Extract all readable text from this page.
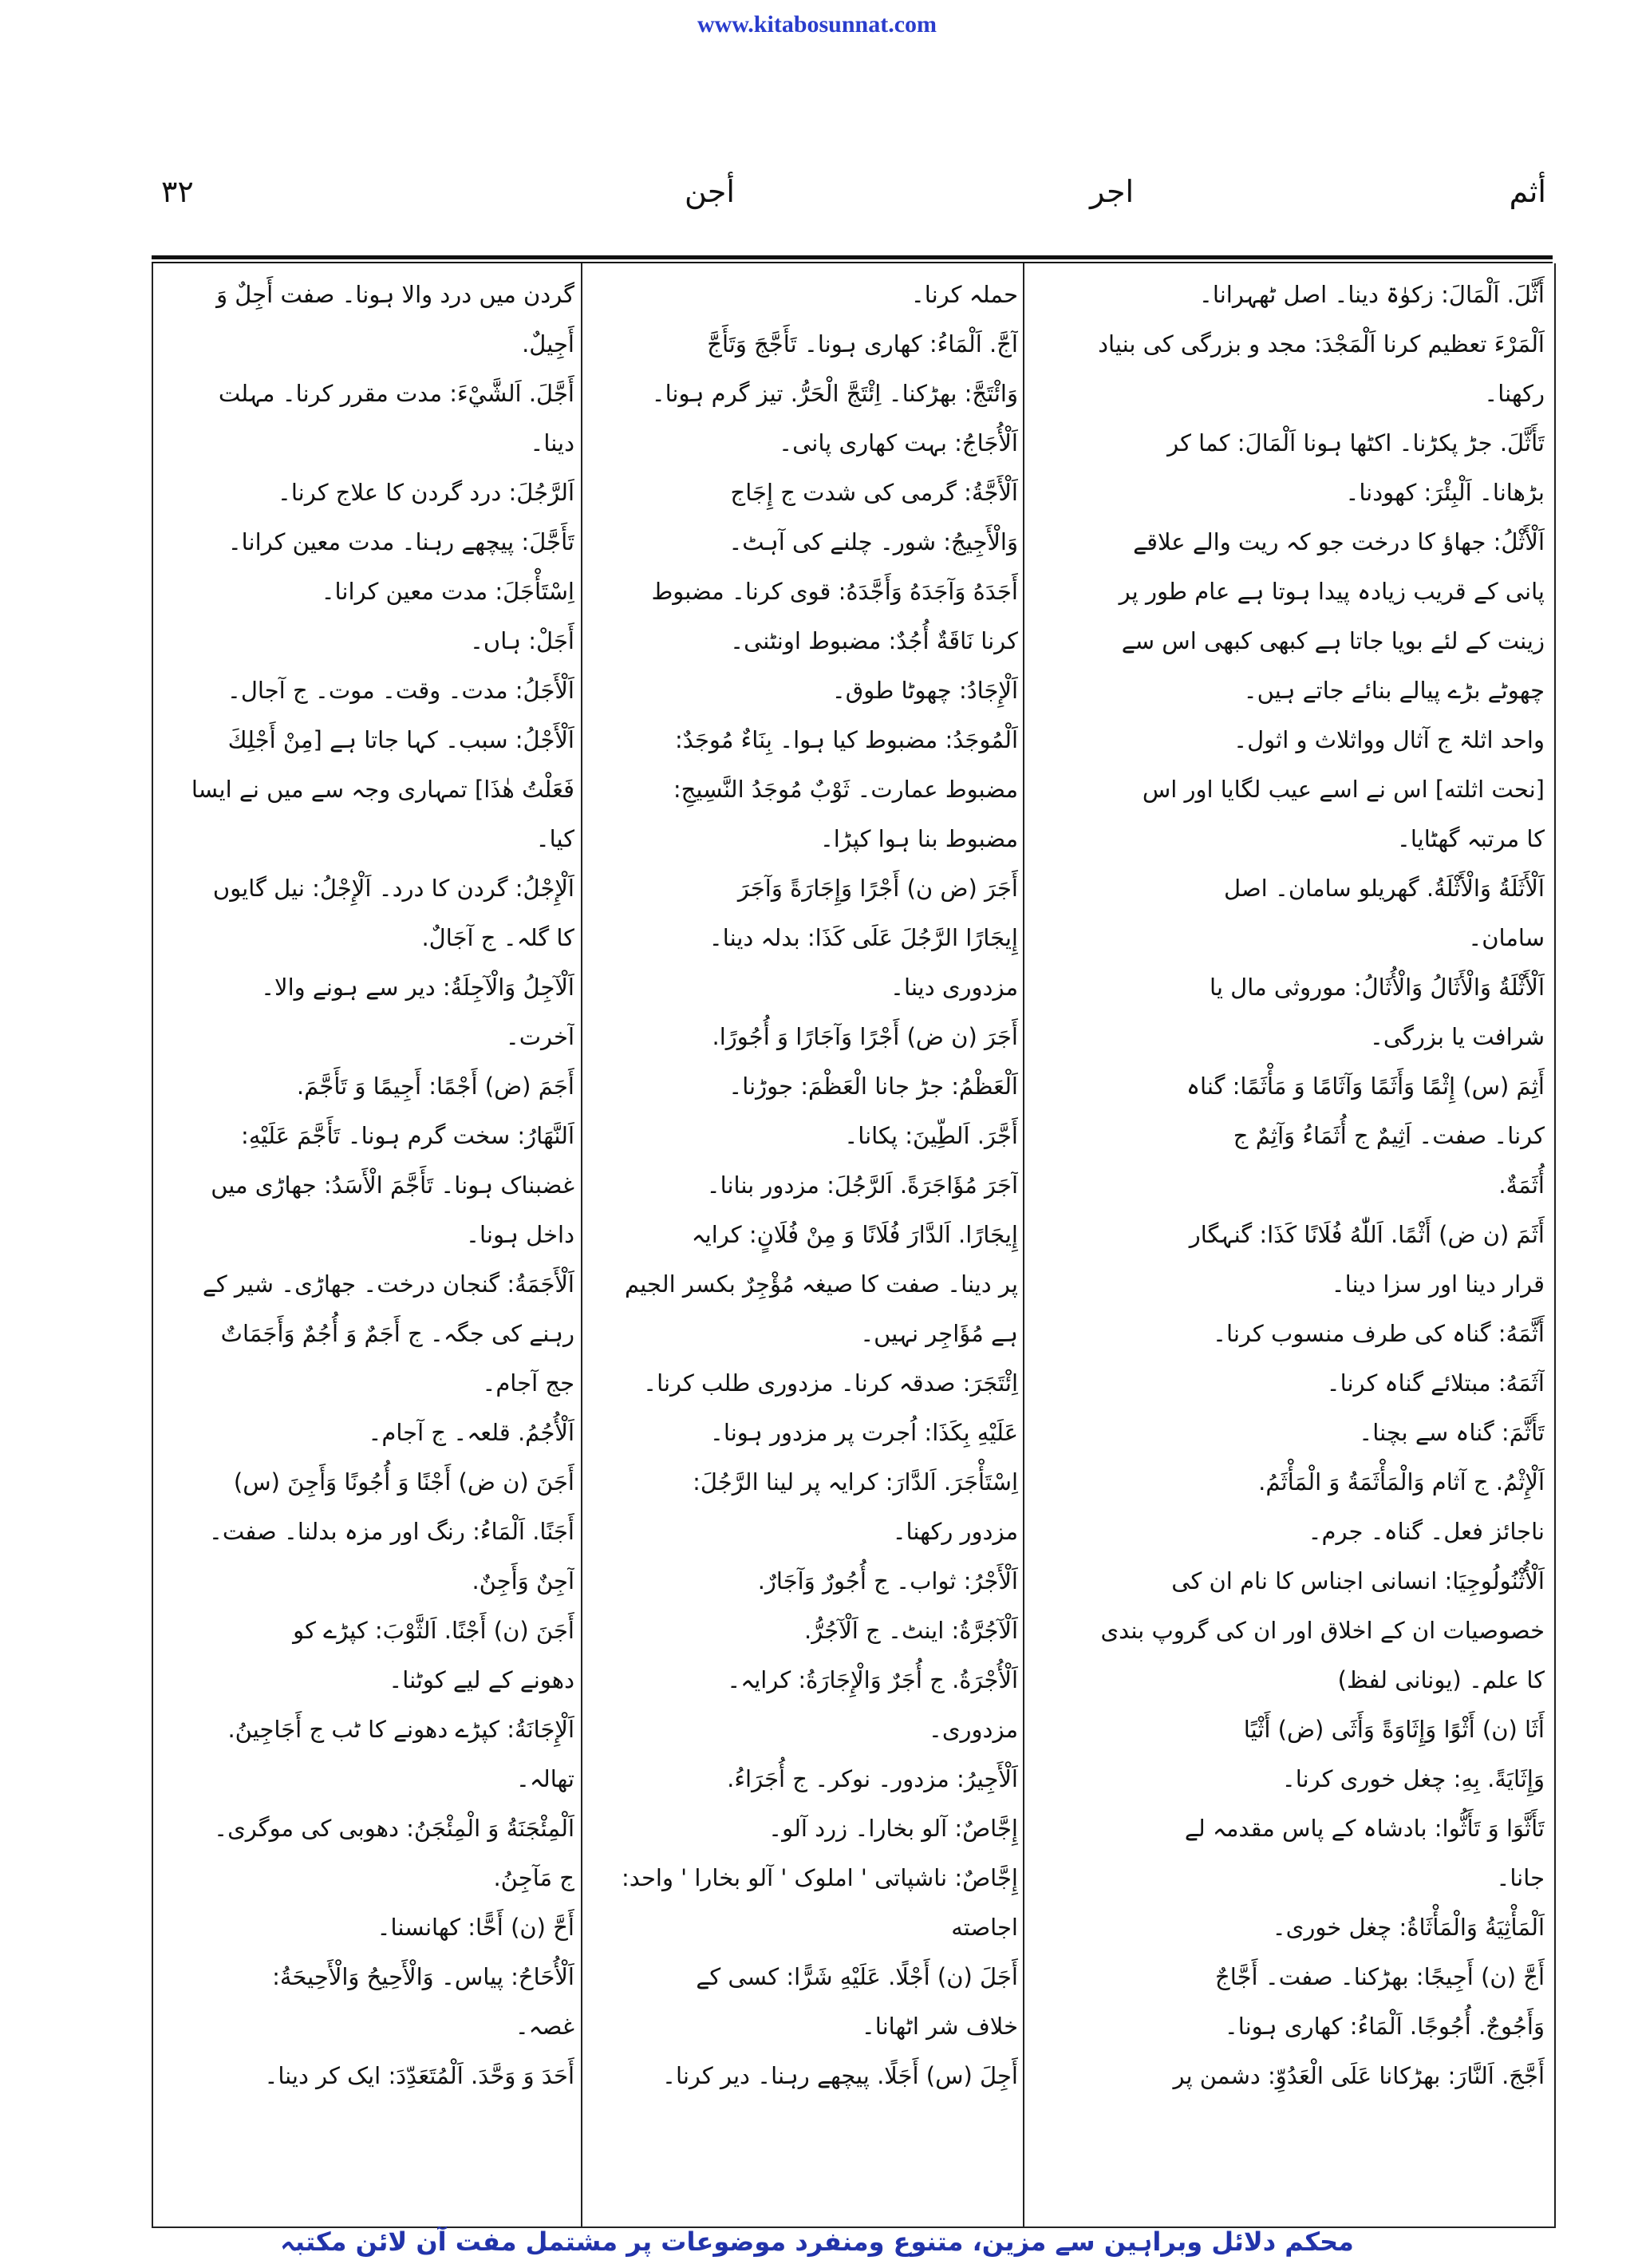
www.kitabosunnat.com
۳۲	أجن	اجر	أثم

أَثَّلَ. اَلْمَالَ: زکوٰۃ دینا۔ اصل ٹھہرانا۔

اَلْمَرْءَ تعظیم کرنا اَلْمَجْدَ: مجد و بزرگی کی بنیاد

رکھنا۔

تَأَثَّلَ. جڑ پکڑنا۔ اکٹھا ہونا اَلْمَالَ: کما کر

بڑھانا۔ اَلْبِئْرَ: کھودنا۔

اَلْأَثْلُ: جھاؤ کا درخت جو کہ ریت والے علاقے

پانی کے قریب زیادہ پیدا ہوتا ہے عام طور پر

زینت کے لئے بویا جاتا ہے کبھی کبھی اس سے

چھوٹے بڑے پیالے بنائے جاتے ہیں۔

واحد اثلۃ ج آثال وواثلاث و اثول۔

[نحت اثلته] اس نے اسے عیب لگایا اور اس

کا مرتبہ گھٹایا۔

اَلْأَثَلَةُ وَالْأَثْلَةُ. گھریلو سامان۔ اصل

سامان۔

اَلْأَثْلَةُ وَالْأَثَالُ وَالْأُثَالُ: موروثی مال یا

شرافت یا بزرگی۔

أَثِمَ (س) إِثْمًا وَأَثَمًا وَآثَامًا وَ مَأْثَمًا: گناہ

کرنا۔ صفت۔ اَثِیمٌ ج أُثَمَاءُ وَآثِمٌ ج

أُثَمَةٌ.

أَثَمَ (ن ض) أَثْمًا. اَللّٰهُ فُلَانًا كَذَا: گنہگار

قرار دینا اور سزا دینا۔

أَثَّمَهُ: گناہ کی طرف منسوب کرنا۔

آثَمَهُ: مبتلائے گناہ کرنا۔

تَأَثَّمَ: گناہ سے بچنا۔

اَلْإِثْمُ. ج آثام وَالْمَأْثَمَةُ وَ الْمَأْثَمُ.

ناجائز فعل۔ گناہ۔ جرم۔

اَلْأُثْنُولُوجِيَا: انسانی اجناس کا نام ان کی

خصوصیات ان کے اخلاق اور ان کی گروپ بندی

کا علم۔ (یونانی لفظ)

أَثَا (ن) أَثْوًا وَإِثَاوَةً وَأَثَى (ض) أَثْيًا

وَإِثَايَةً. بِهِ: چغل خوری کرنا۔

تَأَثَّوَا وَ تَأَثُّوا: بادشاہ کے پاس مقدمہ لے

جانا۔

اَلْمَأْثِيَةُ وَالْمَأْثَاةُ: چغل خوری۔

أَجَّ (ن) أَجِيجًا: بھڑکنا۔ صفت۔ أَجَّاجٌ

وَأَجُوجٌ. أُجُوجًا. اَلْمَاءُ: کھاری ہونا۔

أَجَّجَ. اَلنَّارَ: بھڑکانا عَلَى الْعَدُوِّ: دشمن پر

حملہ کرنا۔

آجَّ. اَلْمَاءُ: کھاری ہونا۔ تَأَجَّجَ وَتَأَجَّ

وَائْتَجَّ: بھڑکنا۔ اِئْتَجَّ الْحَرُّ. تیز گرم ہونا۔

اَلْأُجَاجُ: بہت کھاری پانی۔

اَلْأَجَّةُ: گرمی کی شدت ج إِجَاج

وَالْأَجِيجُ: شور۔ چلنے کی آہٹ۔

أَجَدَهُ وَآجَدَهُ وَأَجَّدَهُ: قوی کرنا۔ مضبوط

کرنا نَاقَةٌ أُجُدٌ: مضبوط اونٹنی۔

اَلْإِجَادُ: چھوٹا طوق۔

اَلْمُوجَدُ: مضبوط کیا ہوا۔ بِنَاءٌ مُوجَدٌ:

مضبوط عمارت۔ ثَوْبٌ مُوجَدُ النَّسِيجِ:

مضبوط بنا ہوا کپڑا۔

أَجَرَ (ض ن) أَجْرًا وَإِجَارَةً وَآجَرَ

إِيجَارًا الرَّجُلَ عَلَى كَذَا: بدلہ دینا۔

مزدوری دینا۔

أَجَرَ (ن ض) أَجْرًا وَآجَارًا وَ أُجُورًا.

اَلْعَظْمُ: جڑ جانا الْعَظْمَ: جوڑنا۔

أَجَّرَ. اَلطِّينَ: پکانا۔

آجَرَ مُؤَاجَرَةً. اَلرَّجُلَ: مزدور بنانا۔

إِيجَارًا. اَلدَّارَ فُلَانًا وَ مِنْ فُلَانٍ: کرایہ

پر دینا۔ صفت کا صیغہ مُؤْجِرٌ بکسر الجیم

ہے مُؤَاجِر نہیں۔

اِئْتَجَرَ: صدقہ کرنا۔ مزدوری طلب کرنا۔

عَلَيْهِ بِكَذَا: اُجرت پر مزدور ہونا۔

اِسْتَأْجَرَ. اَلدَّارَ: کرایہ پر لینا الرَّجُلَ:

مزدور رکھنا۔

اَلْأَجْرُ: ثواب۔ ج أُجُورٌ وَآجَارٌ.

اَلْآجُرَّةُ: اینٹ۔ ج اَلْآجُرُّ.

اَلْأُجْرَةُ. ج أُجَرٌ وَالْإِجَارَةُ: کرایہ۔

مزدوری۔

اَلْأَجِيرُ: مزدور۔ نوکر۔ ج أُجَرَاءُ.

إِجَّاصٌ: آلو بخارا۔ زرد آلو۔

إِجَّاصٌ: ناشپاتی ' املوک ' آلو بخارا ' واحد:

اجاصته

أَجَلَ (ن) أَجْلًا. عَلَيْهِ شَرًّا: کسی کے

خلاف شر اٹھانا۔

أَجِلَ (س) أَجَلًا. پیچھے رہنا۔ دیر کرنا۔

گردن میں درد والا ہونا۔ صفت أَجِلٌ وَ

أَجِيلٌ.

أَجَّلَ. اَلشَّيْءَ: مدت مقرر کرنا۔ مہلت

دینا۔

اَلرَّجُلَ: درد گردن کا علاج کرنا۔

تَأَجَّلَ: پیچھے رہنا۔ مدت معین کرانا۔

اِسْتَأْجَلَ: مدت معین کرانا۔

أَجَلْ: ہاں۔

اَلْأَجَلُ: مدت۔ وقت۔ موت۔ ج آجال۔

اَلْأَجْلُ: سبب۔ کہا جاتا ہے [مِنْ أَجْلِكَ

فَعَلْتُ هٰذَا] تمہاری وجہ سے میں نے ایسا

کیا۔

اَلْإِجْلُ: گردن کا درد۔ اَلْإِجْلُ: نیل گایوں

کا گلہ۔ ج آجَالٌ.

اَلْآجِلُ وَالْآجِلَةُ: دیر سے ہونے والا۔

آخرت۔

أَجَمَ (ض) أَجْمًا: أَجِيمًا وَ تَأَجَّمَ.

اَلنَّهَارُ: سخت گرم ہونا۔ تَأَجَّمَ عَلَيْهِ:

غضبناک ہونا۔ تَأَجَّمَ الْأَسَدُ: جھاڑی میں

داخل ہونا۔

اَلْأَجَمَةُ: گنجان درخت۔ جھاڑی۔ شیر کے

رہنے کی جگہ۔ ج أَجَمٌ وَ أُجُمٌ وَأَجَمَاتٌ

جج آجام۔

اَلْأُجُمُ. قلعہ۔ ج آجام۔

أَجَنَ (ن ض) أَجْنًا وَ أُجُونًا وَأَجِنَ (س)

أَجَنًا. اَلْمَاءُ: رنگ اور مزہ بدلنا۔ صفت۔

آجِنٌ وَأَجِنٌ.

أَجَنَ (ن) أَجْنًا. اَلثَّوْبَ: کپڑے کو

دھونے کے لیے کوٹنا۔

اَلْإِجَانَةُ: کپڑے دھونے کا ٹب ج أَجَاجِينُ.

تھالہ۔

اَلْمِئْجَنَةُ وَ الْمِئْجَنُ: دھوبی کی موگری۔

ج مَآجِنُ.

أَحَّ (ن) أَحًّا: کھانسنا۔

اَلْأُحَاحُ: پیاس۔ وَالْأَحِيحُ وَالْأَحِيحَةُ:

غصہ۔

أَحَدَ وَ وَحَّدَ. اَلْمُتَعَدِّدَ: ایک کر دینا۔

محکم دلائل وبراہین سے مزین، متنوع ومنفرد موضوعات پر مشتمل مفت آن لائن مکتبہ
